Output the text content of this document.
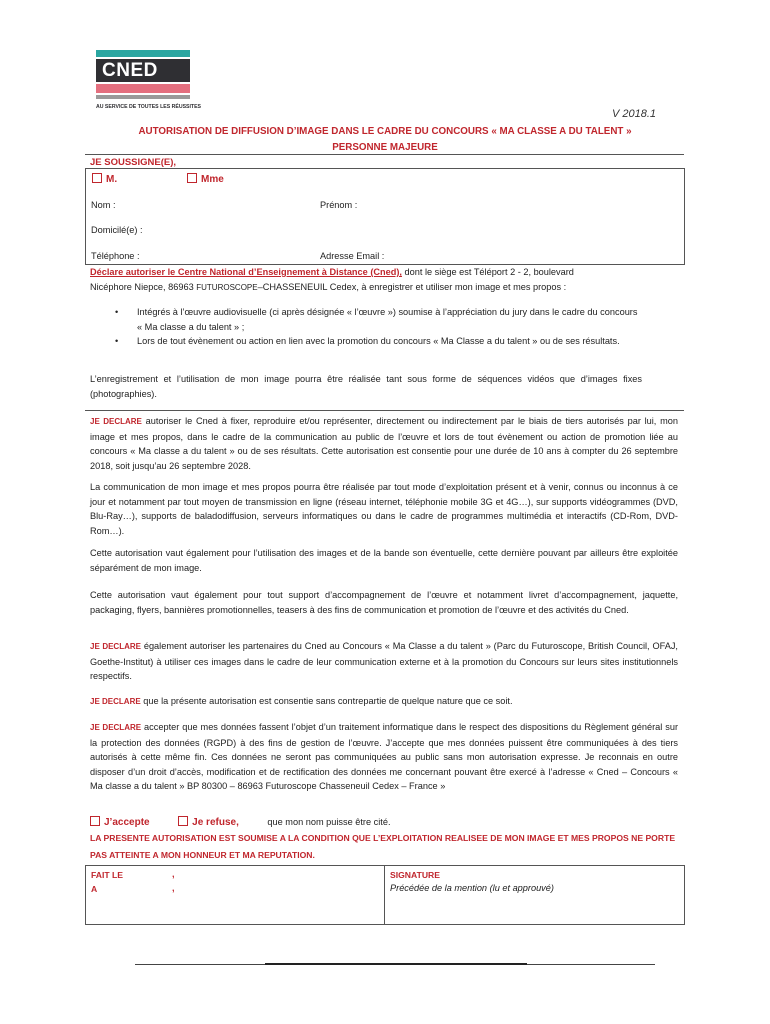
CNED
AU SERVICE DE TOUTES LES RÉUSSITES
V 2018.1
AUTORISATION DE DIFFUSION D’IMAGE DANS LE CADRE DU CONCOURS « MA CLASSE A DU TALENT »
PERSONNE MAJEURE
JE SOUSSIGNE(E),
M.	Mme
Nom :	Prénom :
Domicilé(e) :
Téléphone :	Adresse Email :
Déclare autoriser le Centre National d’Enseignement à Distance (Cned), dont le siège est Téléport 2 - 2, boulevard
Nicéphore Niepce, 86963 FUTUROSCOPE–CHASSENEUIL Cedex, à enregistrer et utiliser mon image et mes propos :
• Intégrés à l’œuvre audiovisuelle (ci après désignée « l’œuvre ») soumise à l’appréciation du jury dans le cadre du concours « Ma classe a du talent » ;
• Lors de tout évènement ou action en lien avec la promotion du concours « Ma Classe a du talent » ou de ses résultats.

L’enregistrement et l’utilisation de mon image pourra être réalisée tant sous forme de séquences vidéos que d’images fixes (photographies).

JE DECLARE autoriser le Cned à fixer, reproduire et/ou représenter, directement ou indirectement par le biais de tiers autorisés par lui, mon image et mes propos, dans le cadre de la communication au public de l’œuvre et lors de tout évènement ou action de promotion liée au concours « Ma classe a du talent » ou de ses résultats. Cette autorisation est consentie pour une durée de 10 ans à compter du 26 septembre 2018, soit jusqu’au 26 septembre 2028.

La communication de mon image et mes propos pourra être réalisée par tout mode d’exploitation présent et à venir, connus ou inconnus à ce jour et notamment par tout moyen de transmission en ligne (réseau internet, téléphonie mobile 3G et 4G…), sur supports vidéogrammes (DVD, Blu-Ray…), supports de baladodiffusion, serveurs informatiques ou dans le cadre de programmes multimédia et interactifs (CD-Rom, DVD-Rom…).

Cette autorisation vaut également pour l’utilisation des images et de la bande son éventuelle, cette dernière pouvant par ailleurs être exploitée séparément de mon image.

Cette autorisation vaut également pour tout support d’accompagnement de l’œuvre et notamment livret d’accompagnement, jaquette, packaging, flyers, bannières promotionnelles, teasers à des fins de communication et promotion de l’œuvre et des activités du Cned.

JE DECLARE également autoriser les partenaires du Cned au Concours « Ma Classe a du talent » (Parc du Futuroscope, British Council, OFAJ, Goethe-Institut) à utiliser ces images dans le cadre de leur communication externe et à la promotion du Concours sur leurs sites institutionnels respectifs.

JE DECLARE que la présente autorisation est consentie sans contrepartie de quelque nature que ce soit.

JE DECLARE accepter que mes données fassent l’objet d’un traitement informatique dans le respect des dispositions du Règlement général sur la protection des données (RGPD) à des fins de gestion de l’œuvre. J’accepte que mes données puissent être communiquées à des tiers autorisés à cette même fin. Ces données ne seront pas communiquées au public sans mon autorisation expresse. Je reconnais en outre disposer d’un droit d’accès, modification et de rectification des données me concernant pouvant être exercé à l’adresse « Cned – Concours « Ma classe a du talent » BP 80300 – 86963 Futuroscope Chasseneuil Cedex – France »

J’accepte	Je refuse,	que mon nom puisse être cité.
LA PRESENTE AUTORISATION EST SOUMISE A LA CONDITION QUE L’EXPLOITATION REALISEE DE MON IMAGE ET MES PROPOS NE PORTE PAS ATTEINTE A MON HONNEUR ET MA REPUTATION.
FAIT LE	,
A	,
SIGNATURE
Précédée de la mention (lu et approuvé)
